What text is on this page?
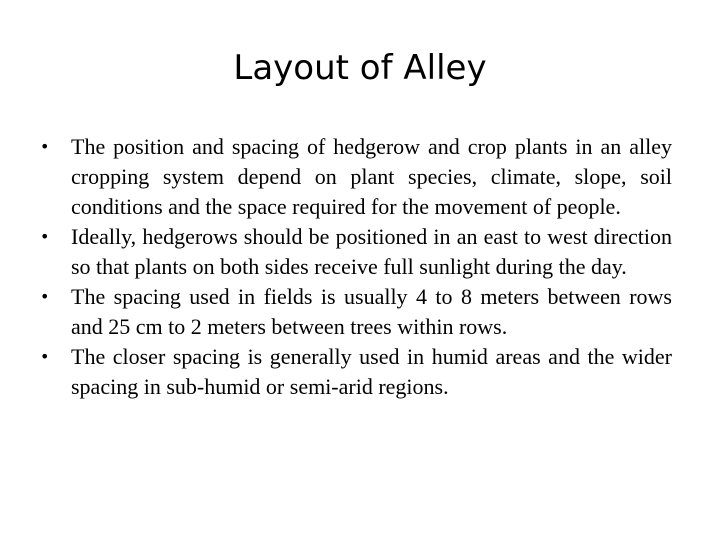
Layout of Alley
• The position and spacing of hedgerow and crop plants in an alley cropping system depend on plant species, climate, slope, soil conditions and the space required for the movement of people.
• Ideally, hedgerows should be positioned in an east to west direction so that plants on both sides receive full sunlight during the day.
• The spacing used in fields is usually 4 to 8 meters between rows and 25 cm to 2 meters between trees within rows.
• The closer spacing is generally used in humid areas and the wider spacing in sub-humid or semi-arid regions.
